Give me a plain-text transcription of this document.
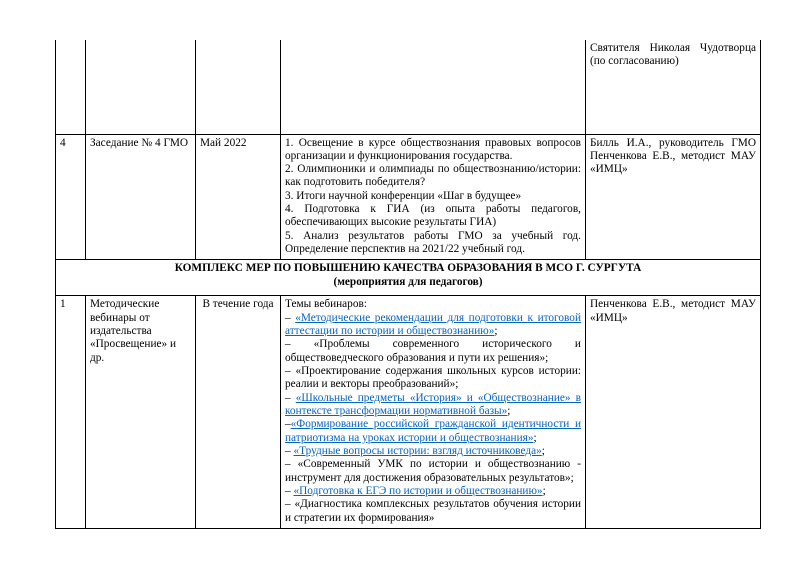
				Святителя Николая Чудотворца (по согласованию)
4	Заседание № 4 ГМО	Май 2022	1. Освещение в курсе обществознания правовых вопросов организации и функционирования государства.

2. Олимпионики и олимпиады по обществознанию/истории: как подготовить победителя?

3. Итоги научной конференции «Шаг в будущее»

4. Подготовка к ГИА (из опыта работы педагогов, обеспечивающих высокие результаты ГИА)

5. Анализ результатов работы ГМО за учебный год. Определение перспектив на 2021/22 учебный год.	Билль И.А., руководитель ГМО Пенченкова Е.В., методист МАУ «ИМЦ»

КОМПЛЕКС МЕР ПО ПОВЫШЕНИЮ КАЧЕСТВА ОБРАЗОВАНИЯ В МСО Г. СУРГУТА
(мероприятия для педагогов)				

1	Методические вебинары от издательства «Просвещение» и др.	В течение года	Темы вебинаров:

– «Методические рекомендации для подготовки к итоговой аттестации по истории и обществознанию»;

– «Проблемы современного исторического и обществоведческого образования и пути их решения»;

– «Проектирование содержания школьных курсов истории: реалии и векторы преобразований»;

– «Школьные предметы «История» и «Обществознание» в контексте трансформации нормативной базы»;

–«Формирование российской гражданской идентичности и патриотизма на уроках истории и обществознания»;

– «Трудные вопросы истории: взгляд источниковеда»;

– «Современный УМК по истории и обществознанию - инструмент для достижения образовательных результатов»;

– «Подготовка к ЕГЭ по истории и обществознанию»;

– «Диагностика комплексных результатов обучения истории и стратегии их формирования»

	Пенченкова Е.В., методист МАУ «ИМЦ»
